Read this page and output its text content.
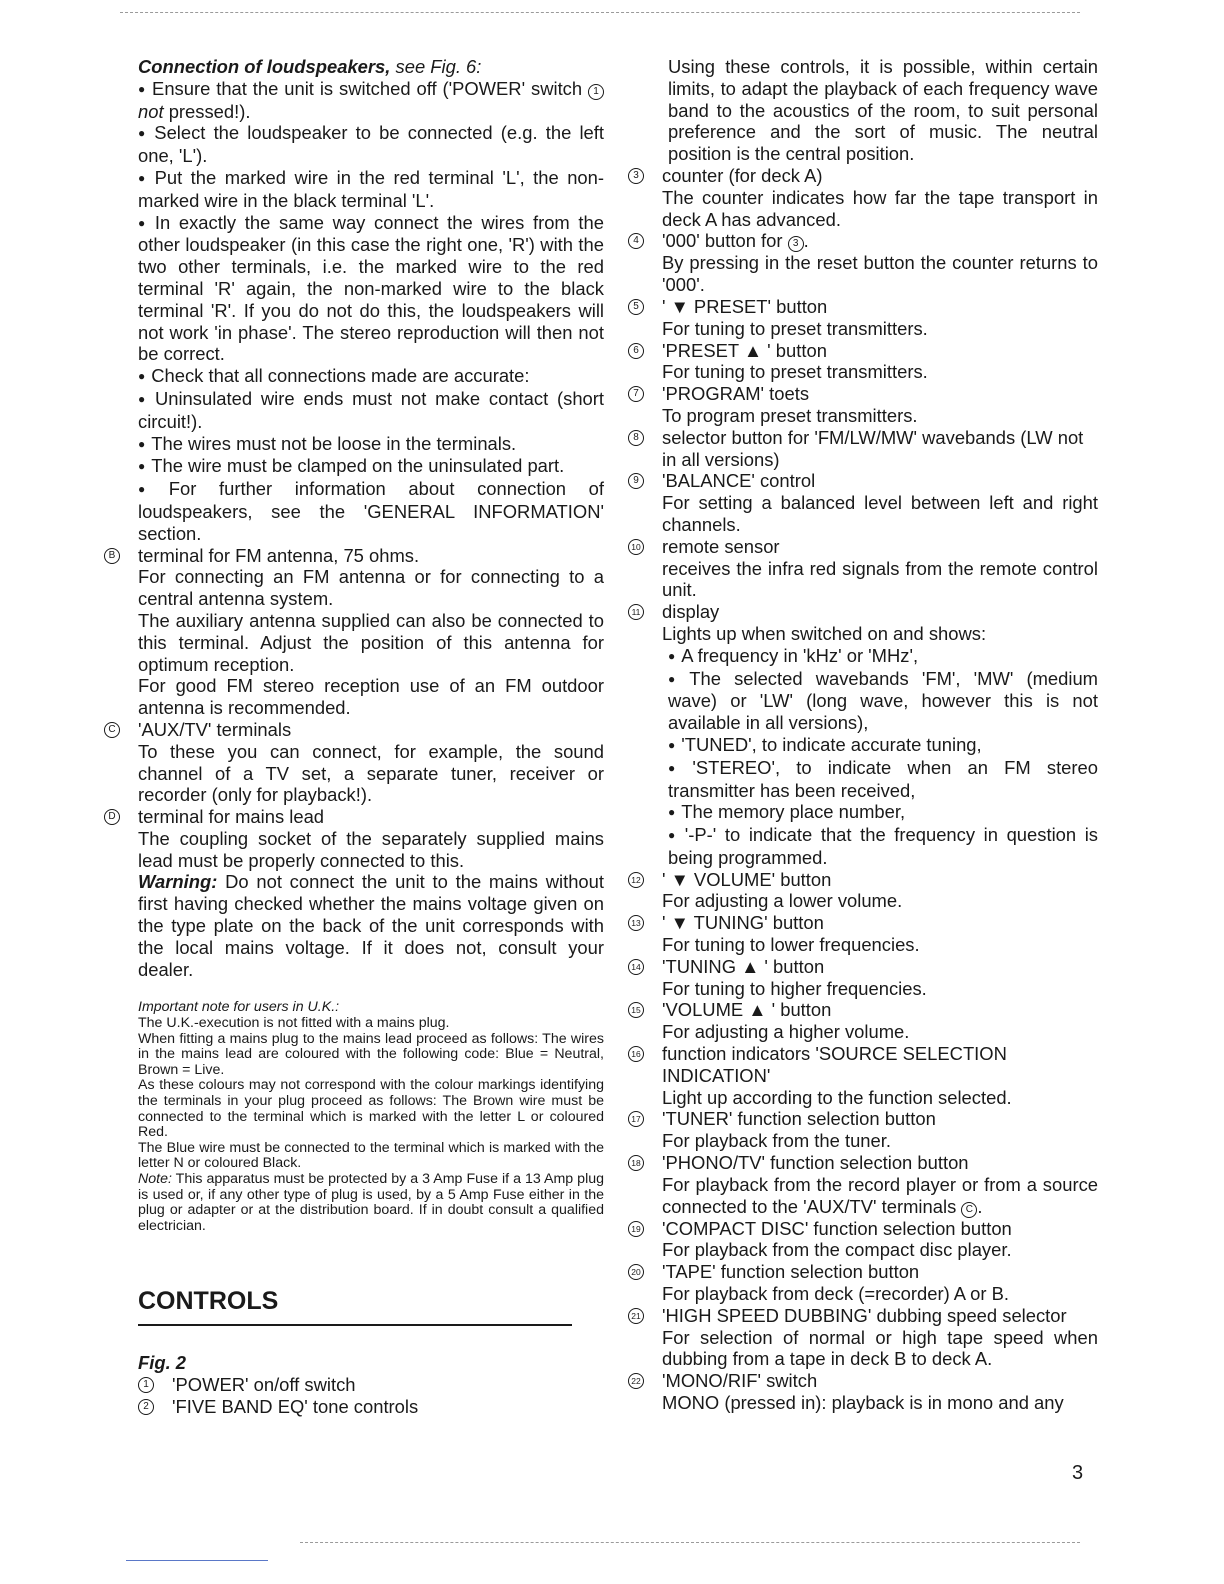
Connection of loudspeakers, see Fig. 6:

● Ensure that the unit is switched off ('POWER' switch 1 not pressed!).

● Select the loudspeaker to be connected (e.g. the left one, 'L').

● Put the marked wire in the red terminal 'L', the non-marked wire in the black terminal 'L'.

● In exactly the same way connect the wires from the other loudspeaker (in this case the right one, 'R') with the two other terminals, i.e. the marked wire to the red terminal 'R' again, the non-marked wire to the black terminal 'R'. If you do not do this, the loudspeakers will not work 'in phase'. The stereo reproduction will then not be correct.

● Check that all connections made are accurate:

● Uninsulated wire ends must not make contact (short circuit!).

● The wires must not be loose in the terminals.

● The wire must be clamped on the uninsulated part.

● For further information about connection of loudspeakers, see the 'GENERAL INFORMATION' section.

B terminal for FM antenna, 75 ohms.

For connecting an FM antenna or for connecting to a central antenna system.

The auxiliary antenna supplied can also be connected to this terminal. Adjust the position of this antenna for optimum reception.

For good FM stereo reception use of an FM outdoor antenna is recommended.

C 'AUX/TV' terminals

To these you can connect, for example, the sound channel of a TV set, a separate tuner, receiver or recorder (only for playback!).

D terminal for mains lead

The coupling socket of the separately supplied mains lead must be properly connected to this.

Warning: Do not connect the unit to the mains without first having checked whether the mains voltage given on the type plate on the back of the unit corresponds with the local mains voltage. If it does not, consult your dealer.

Important note for users in U.K.:

The U.K.-execution is not fitted with a mains plug.

When fitting a mains plug to the mains lead proceed as follows: The wires in the mains lead are coloured with the following code: Blue = Neutral, Brown = Live.

As these colours may not correspond with the colour markings identifying the terminals in your plug proceed as follows: The Brown wire must be connected to the terminal which is marked with the letter L or coloured Red.

The Blue wire must be connected to the terminal which is marked with the letter N or coloured Black.

Note: This apparatus must be protected by a 3 Amp Fuse if a 13 Amp plug is used or, if any other type of plug is used, by a 5 Amp Fuse either in the plug or adapter or at the distribution board. If in doubt consult a qualified electrician.

CONTROLS

Fig. 2

1 'POWER' on/off switch

2 'FIVE BAND EQ' tone controls

Using these controls, it is possible, within certain limits, to adapt the playback of each frequency wave band to the acoustics of the room, to suit personal preference and the sort of music. The neutral position is the central position.

3 counter (for deck A)

The counter indicates how far the tape transport in deck A has advanced.

4 '000' button for 3 .

By pressing in the reset button the counter returns to '000'.

5 ' ▼ PRESET' button

For tuning to preset transmitters.

6 'PRESET ▲ ' button

For tuning to preset transmitters.

7 'PROGRAM' toets

To program preset transmitters.

8 selector button for 'FM/LW/MW' wavebands (LW not in all versions)

9 'BALANCE' control

For setting a balanced level between left and right channels.

10 remote sensor

receives the infra red signals from the remote control unit.

11 display

Lights up when switched on and shows:

● A frequency in 'kHz' or 'MHz',

● The selected wavebands 'FM', 'MW' (medium wave) or 'LW' (long wave, however this is not available in all versions),

● 'TUNED', to indicate accurate tuning,

● 'STEREO', to indicate when an FM stereo transmitter has been received,

● The memory place number,

● '-P-' to indicate that the frequency in question is being programmed.

12 ' ▼ VOLUME' button

For adjusting a lower volume.

13 ' ▼ TUNING' button

For tuning to lower frequencies.

14 'TUNING ▲ ' button

For tuning to higher frequencies.

15 'VOLUME ▲ ' button

For adjusting a higher volume.

16 function indicators 'SOURCE SELECTION INDICATION'

Light up according to the function selected.

17 'TUNER' function selection button

For playback from the tuner.

18 'PHONO/TV' function selection button

For playback from the record player or from a source connected to the 'AUX/TV' terminals C .

19 'COMPACT DISC' function selection button

For playback from the compact disc player.

20 'TAPE' function selection button

For playback from deck (=recorder) A or B.

21 'HIGH SPEED DUBBING' dubbing speed selector

For selection of normal or high tape speed when dubbing from a tape in deck B to deck A.

22 'MONO/RIF' switch

MONO (pressed in): playback is in mono and any

3
